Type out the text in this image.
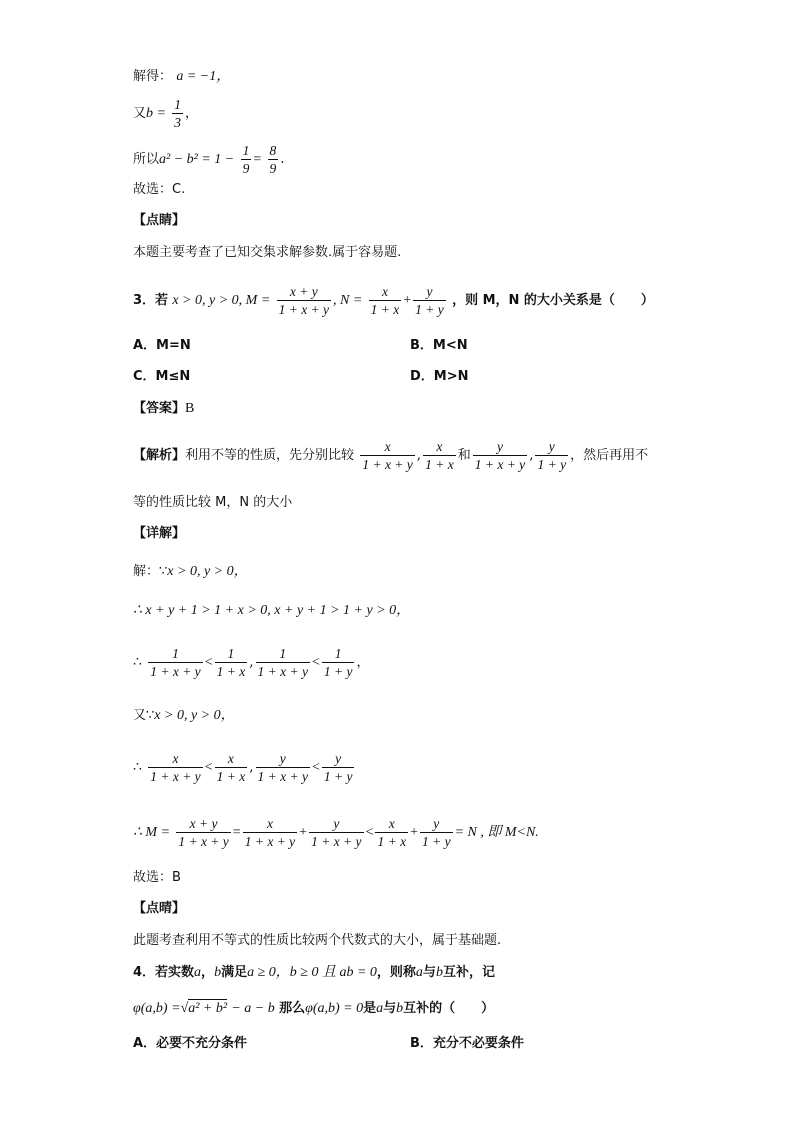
解得： a = −1，
又$b = \frac{1}{3}$ ，
所以$a^2 - b^2 = 1 - \frac{1}{9} = \frac{8}{9}$ .
故选：C.
【点睛】
本题主要考查了已知交集求解参数.属于容易题.
3．若 x > 0, y > 0, $M = \frac{x + y}{1 + x + y}$ , $N = \frac{x}{1 + x} + \frac{y}{1 + y}$ ，则 M，N 的大小关系是（　　）
A．M=N	B．M<N
C．M≤N	D．M>N
【答案】B
【解析】利用不等的性质，先分别比较 $\frac{x}{1 + x + y}$ , $\frac{x}{1 + x}$ 和 $\frac{y}{1 + x + y}$ , $\frac{y}{1 + y}$ ，然后再用不
等的性质比较 M，N 的大小
【详解】
解：∵x > 0, y > 0，
∴ x + y + 1 > 1 + x > 0, x + y + 1 > 1 + y > 0，
∴ $\frac{1}{1 + x + y} < \frac{1}{1 + x}$ , $\frac{1}{1 + x + y} < \frac{1}{1 + y}$ ，
又∵x > 0, y > 0，
∴ $\frac{x}{1 + x + y} < \frac{x}{1 + x}$ , $\frac{y}{1 + x + y} < \frac{y}{1 + y}$
∴ $M = \frac{x + y}{1 + x + y} = \frac{x}{1 + x + y} + \frac{y}{1 + x + y} < \frac{x}{1 + x} + \frac{y}{1 + y} = N$ , 即 M<N.
故选：B
【点晴】
此题考查利用不等式的性质比较两个代数式的大小，属于基础题.
4．若实数a，b满足a ≥ 0，b ≥ 0 且 ab = 0，则称a与b互补，记
φ(a,b) =√a² + b² − a − b 那么φ(a,b) = 0是a与b互补的（　　）
A．必要不充分条件	B．充分不必要条件
